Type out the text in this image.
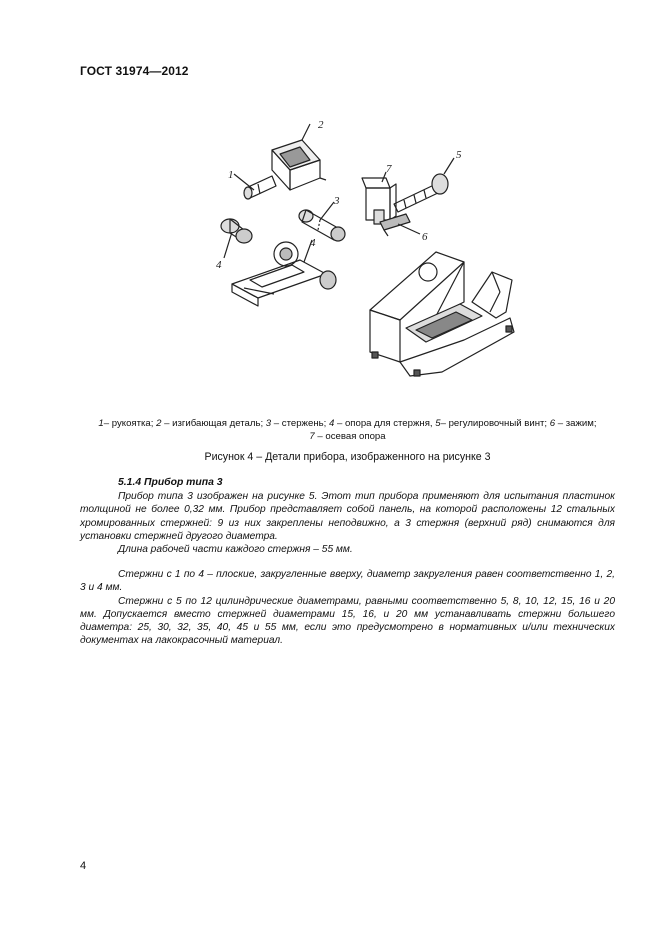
ГОСТ 31974—2012
2
1
3
7
5
6
4
4
1– рукоятка; 2 – изгибающая деталь; 3 – стержень; 4 – опора для стержня, 5– регулировочный винт; 6 – зажим;
7 – осевая опора
Рисунок 4 – Детали прибора, изображенного на рисунке 3
5.1.4 Прибор типа 3

Прибор типа 3 изображен на рисунке 5. Этот тип прибора применяют для испытания пластинок толщиной не более 0,32 мм. Прибор представляет собой панель, на которой расположены 12 стальных хромированных стержней: 9 из них закреплены неподвижно, а 3 стержня (верхний ряд) снимаются для установки стержней другого диаметра.

Длина рабочей части каждого стержня – 55 мм.

Стержни с 1 по 4 – плоские, закругленные вверху, диаметр закругления равен соответственно 1, 2, 3 и 4 мм.

Стержни с 5 по 12 цилиндрические диаметрами, равными соответственно 5, 8, 10, 12, 15, 16 и 20 мм. Допускается вместо стержней диаметрами 15, 16, и 20 мм устанавливать стержни большего диаметра: 25, 30, 32, 35, 40, 45 и 55 мм, если это предусмотрено в нормативных и/или технических документах на лакокрасочный материал.

4
